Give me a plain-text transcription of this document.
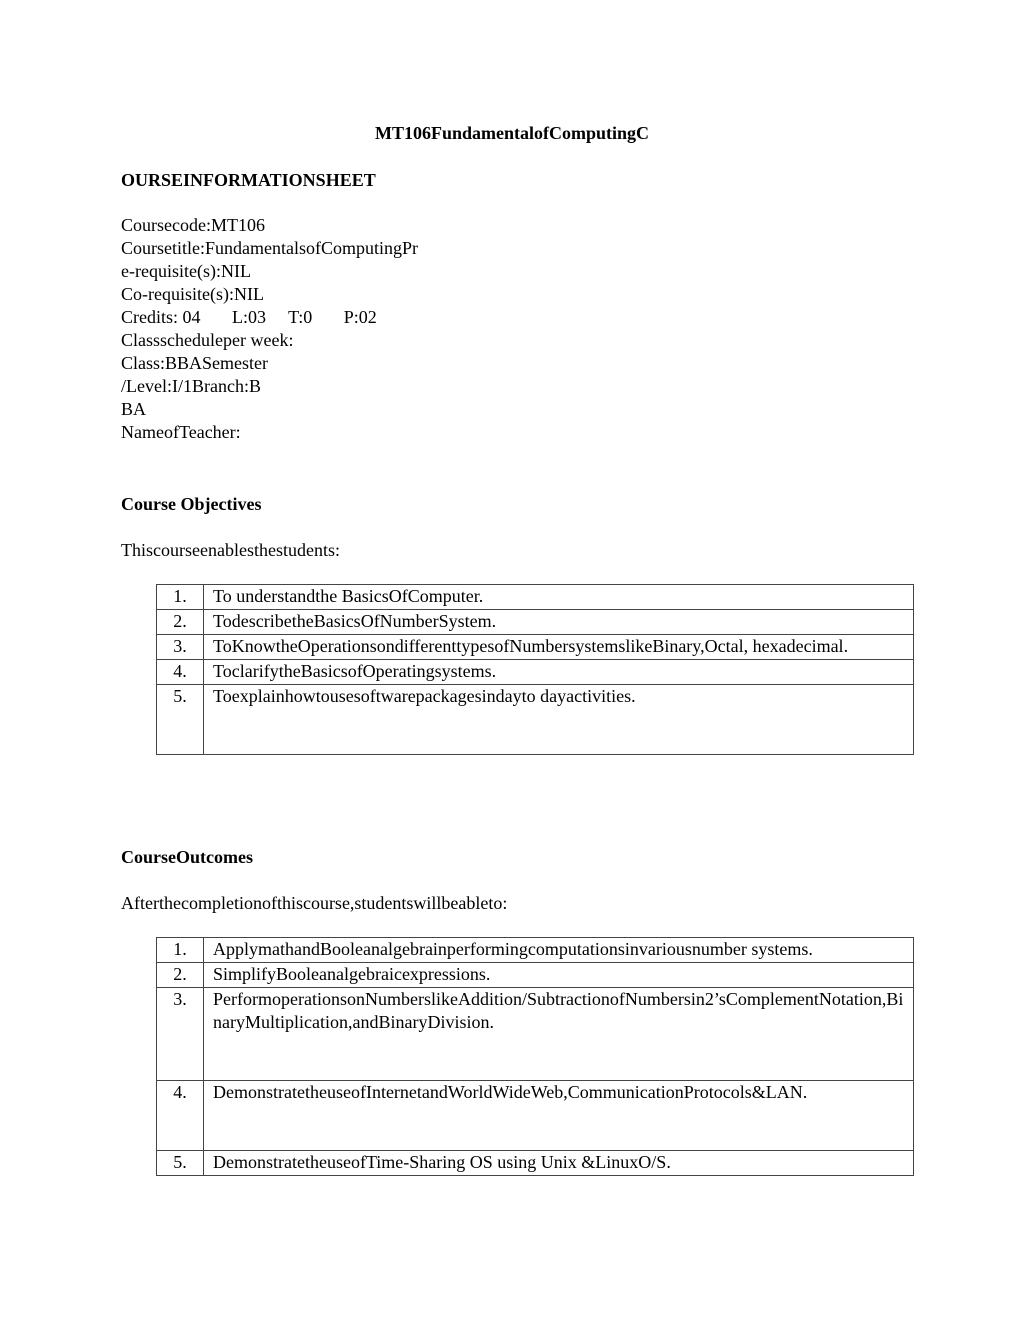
MT106FundamentalofComputingC
OURSEINFORMATIONSHEET
Coursecode:MT106
Coursetitle:FundamentalsofComputingPr
e-requisite(s):NIL
Co-requisite(s):NIL
Credits: 04       L:03     T:0       P:02
Classscheduleper week:
Class:BBASemester
/Level:I/1Branch:B
BA
NameofTeacher:
Course Objectives

Thiscourseenablesthestudents:

1.	To understandthe BasicsOfComputer.
2.	TodescribetheBasicsOfNumberSystem.
3.	ToKnowtheOperationsondifferenttypesofNumbersystemslikeBinary,Octal, hexadecimal.
4.	ToclarifytheBasicsofOperatingsystems.
5.	Toexplainhowtousesoftwarepackagesindayto dayactivities.
CourseOutcomes

Afterthecompletionofthiscourse,studentswillbeableto:

1.	ApplymathandBooleanalgebrainperformingcomputationsinvariousnumber systems.
2.	SimplifyBooleanalgebraicexpressions.
3.	PerformoperationsonNumberslikeAddition/SubtractionofNumbersin2’sComplementNotation,BinaryMultiplication,andBinaryDivision.
4.	DemonstratetheuseofInternetandWorldWideWeb,CommunicationProtocols&LAN.
5.	DemonstratetheuseofTime-Sharing OS using Unix &LinuxO/S.
